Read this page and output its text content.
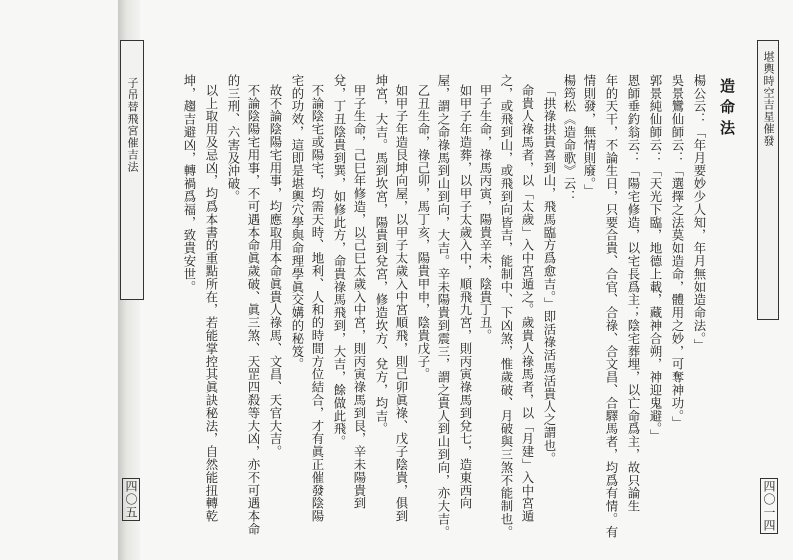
子吊替飛宮催吉法	堪輿時空吉星催發
四〇五	四〇一四
造命法
楊公云：「年月要妙少人知，年月無如造命法。」
吳景鸞仙師云：「選擇之法莫如造命，體用之妙，可奪神功。」
郭景純仙師云：「天光下臨，地德上載，藏神合朔，神迎鬼避。」
恩師垂釣翁云：「陽宅修造，以宅長爲主；陰宅葬埋，以亡命爲主，故只論生
年的天干，不論生日，只要合貴、合官、合祿、合文昌、合驛馬者，均爲有情。有
情則發，無情則廢。」
楊筠松《造命歌》云：
「拱祿拱貴喜到山，飛馬臨方爲愈吉。」即活祿活馬活貴人之謂也。
命貴人祿馬者，以「太歲」入中宮遁之。歲貴人祿馬者，以「月建」入中宮遁
之，或飛到山，或飛到向皆吉，能制中、下凶煞，惟歲破、月破與三煞不能制也。
甲子生命，祿馬丙寅，陽貴辛未，陰貴丁丑。
如甲子年造葬，以甲子太歲入中，順飛九宮，則丙寅祿馬到兌七，造東西向
屋，謂之命祿馬到山到向，大吉。辛未陽貴到震三，謂之貴人到山到向，亦大吉。
乙丑生命，祿己卯，馬丁亥，陽貴甲申，陰貴戊子。
如甲子年造艮坤向屋，以甲子太歲入中宮順飛，則己卯眞祿、戊子陰貴，俱到
坤宮，大吉。馬到坎宮，陽貴到兌宮，修造坎方、兌方，均吉。
甲子生命，己巳年修造，以己巳太歲入中宮，則丙寅祿馬到艮，辛未陽貴到
兌，丁丑陰貴到巽，如修此方，命貴祿馬飛到，大吉，餘做此飛。
不論陰宅或陽宅，均需天時、地利、人和的時間方位結合，才有眞正催發陰陽
宅的功效，這即是堪輿穴學與命理學眞交媾的秘笈。
故不論陰陽宅用事，均應取用本命眞貴人祿馬、文昌、天官大吉。
不論陰陽宅用事，不可遇本命眞歲破、眞三煞、天罡四殺等大凶，亦不可遇本命
的三刑、六害及沖破。
以上取用及忌凶，均爲本書的重點所在，若能掌控其眞訣秘法，自然能扭轉乾
坤，趨吉避凶，轉禍爲福，致貴安世。
